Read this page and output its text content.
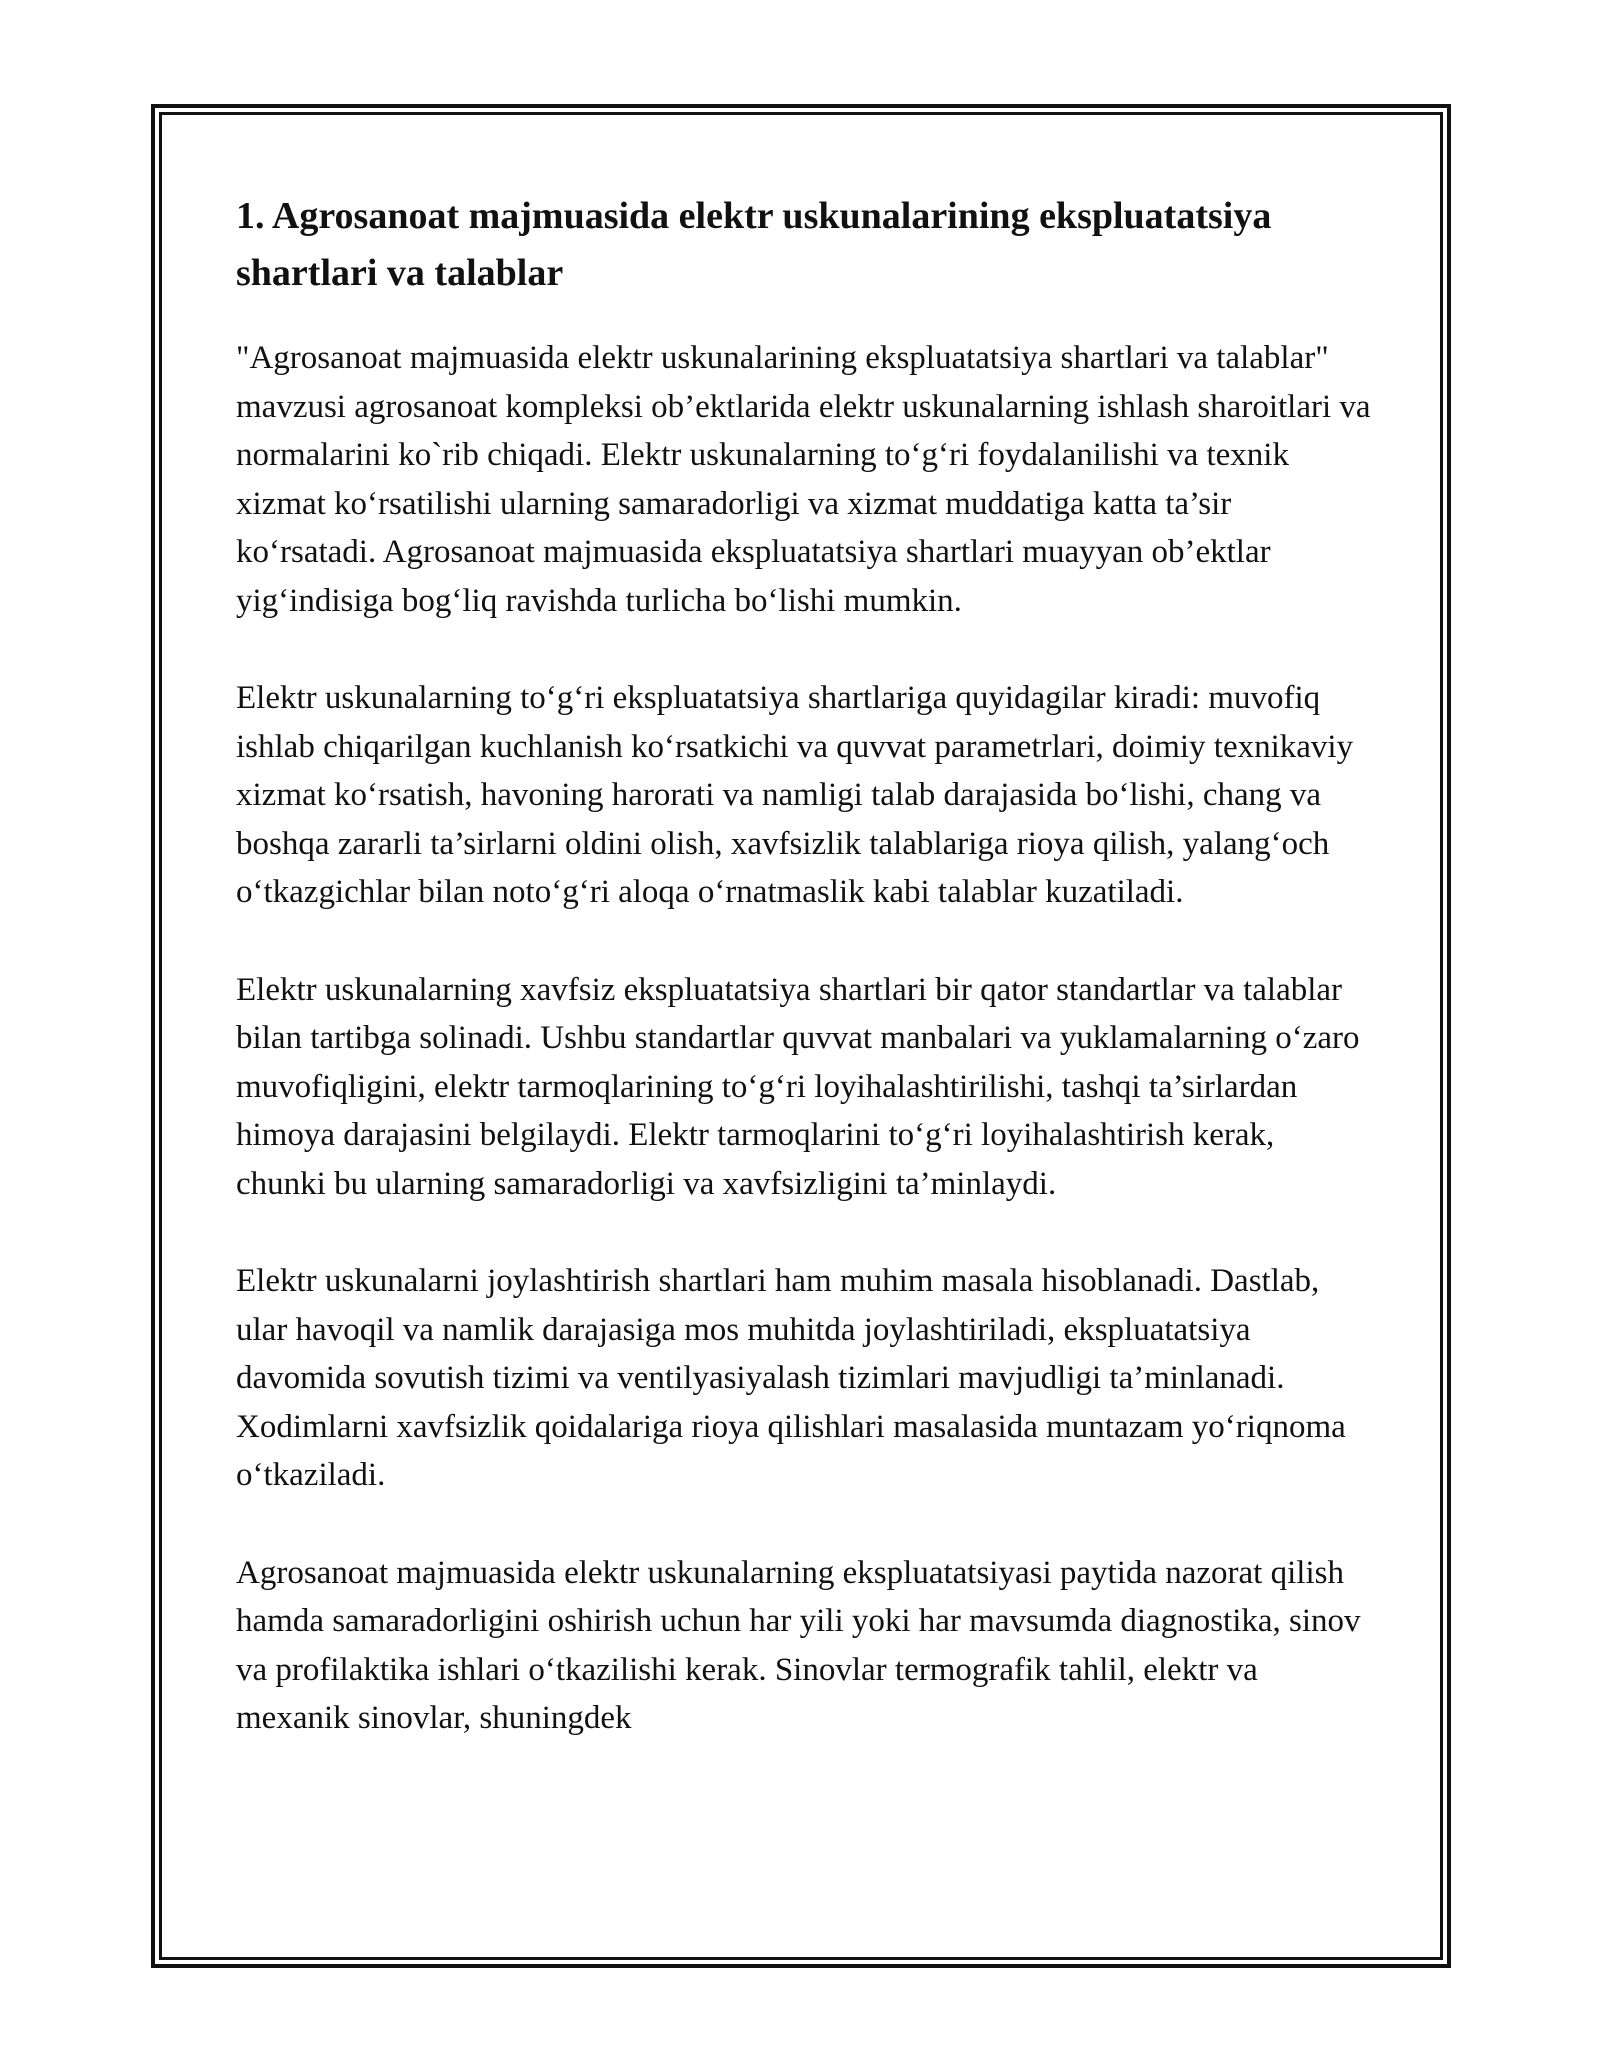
1. Agrosanoat majmuasida elektr uskunalarining ekspluatatsiya shartlari va talablar

"Agrosanoat majmuasida elektr uskunalarining ekspluatatsiya shartlari va talablar" mavzusi agrosanoat kompleksi ob’ektlarida elektr uskunalarning ishlash sharoitlari va normalarini ko`rib chiqadi. Elektr uskunalarning to‘g‘ri foydalanilishi va texnik xizmat ko‘rsatilishi ularning samaradorligi va xizmat muddatiga katta ta’sir ko‘rsatadi. Agrosanoat majmuasida ekspluatatsiya shartlari muayyan ob’ektlar yig‘indisiga bog‘liq ravishda turlicha bo‘lishi mumkin.

Elektr uskunalarning to‘g‘ri ekspluatatsiya shartlariga quyidagilar kiradi: muvofiq ishlab chiqarilgan kuchlanish ko‘rsatkichi va quvvat parametrlari, doimiy texnikaviy xizmat ko‘rsatish, havoning harorati va namligi talab darajasida bo‘lishi, chang va boshqa zararli ta’sirlarni oldini olish, xavfsizlik talablariga rioya qilish, yalang‘och o‘tkazgichlar bilan noto‘g‘ri aloqa o‘rnatmaslik kabi talablar kuzatiladi.

Elektr uskunalarning xavfsiz ekspluatatsiya shartlari bir qator standartlar va talablar bilan tartibga solinadi. Ushbu standartlar quvvat manbalari va yuklamalarning o‘zaro muvofiqligini, elektr tarmoqlarining to‘g‘ri loyihalashtirilishi, tashqi ta’sirlardan himoya darajasini belgilaydi. Elektr tarmoqlarini to‘g‘ri loyihalashtirish kerak, chunki bu ularning samaradorligi va xavfsizligini ta’minlaydi.

Elektr uskunalarni joylashtirish shartlari ham muhim masala hisoblanadi. Dastlab, ular havoqil va namlik darajasiga mos muhitda joylashtiriladi, ekspluatatsiya davomida sovutish tizimi va ventilyasiyalash tizimlari mavjudligi ta’minlanadi. Xodimlarni xavfsizlik qoidalariga rioya qilishlari masalasida muntazam yo‘riqnoma o‘tkaziladi.

Agrosanoat majmuasida elektr uskunalarning ekspluatatsiyasi paytida nazorat qilish hamda samaradorligini oshirish uchun har yili yoki har mavsumda diagnostika, sinov va profilaktika ishlari o‘tkazilishi kerak. Sinovlar termografik tahlil, elektr va mexanik sinovlar, shuningdek
